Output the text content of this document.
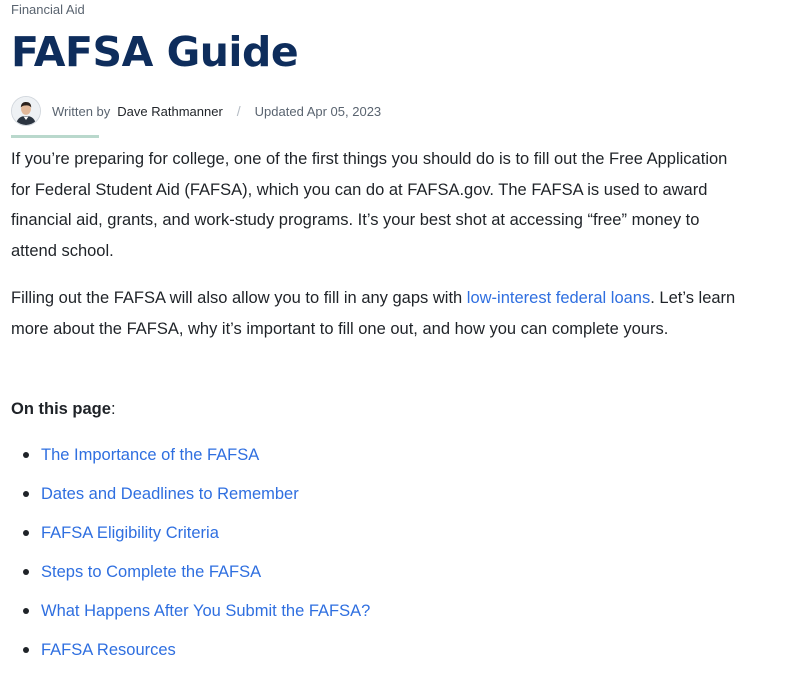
Financial Aid
FAFSA Guide
Written by Dave Rathmanner / Updated Apr 05, 2023

If you’re preparing for college, one of the first things you should do is to fill out the Free Application for Federal Student Aid (FAFSA), which you can do at FAFSA.gov. The FAFSA is used to award financial aid, grants, and work-study programs. It’s your best shot at accessing “free” money to attend school.

Filling out the FAFSA will also allow you to fill in any gaps with low-interest federal loans. Let’s learn more about the FAFSA, why it’s important to fill one out, and how you can complete yours.

On this page:

The Importance of the FAFSA
Dates and Deadlines to Remember
FAFSA Eligibility Criteria
Steps to Complete the FAFSA
What Happens After You Submit the FAFSA?
FAFSA Resources
